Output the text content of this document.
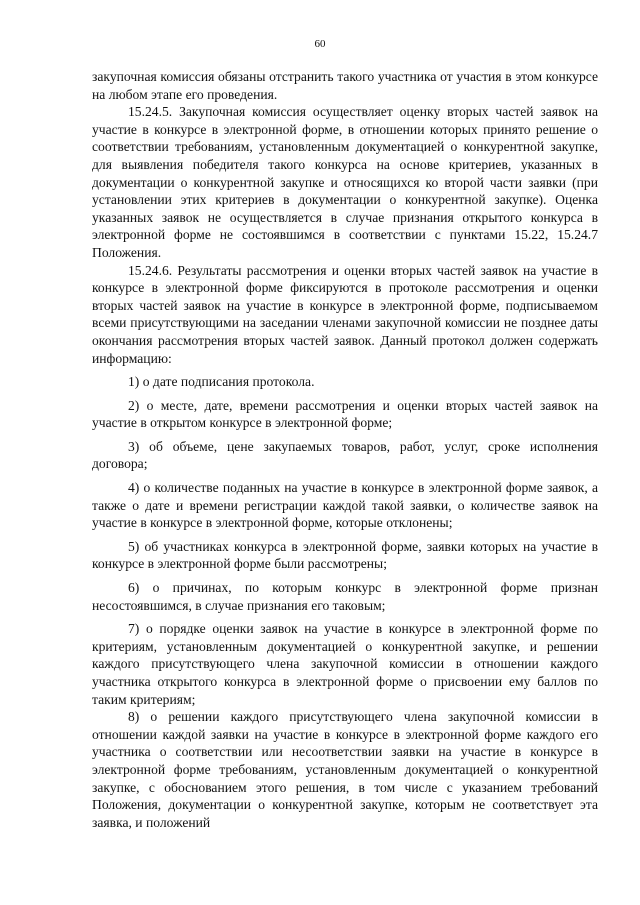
60

закупочная комиссия обязаны отстранить такого участника от участия в этом конкурсе на любом этапе его проведения.

15.24.5. Закупочная комиссия осуществляет оценку вторых частей заявок на участие в конкурсе в электронной форме, в отношении которых принято решение о соответствии требованиям, установленным документацией о конкурентной закупке, для выявления победителя такого конкурса на основе критериев, указанных в документации о конкурентной закупке и относящихся ко второй части заявки (при установлении этих критериев в документации о конкурентной закупке). Оценка указанных заявок не осуществляется в случае признания открытого конкурса в электронной форме не состоявшимся в соответствии с пунктами 15.22, 15.24.7 Положения.

15.24.6. Результаты рассмотрения и оценки вторых частей заявок на участие в конкурсе в электронной форме фиксируются в протоколе рассмотрения и оценки вторых частей заявок на участие в конкурсе в электронной форме, подписываемом всеми присутствующими на заседании членами закупочной комиссии не позднее даты окончания рассмотрения вторых частей заявок. Данный протокол должен содержать информацию:

1) о дате подписания протокола.

2) о месте, дате, времени рассмотрения и оценки вторых частей заявок на участие в открытом конкурсе в электронной форме;

3) об объеме, цене закупаемых товаров, работ, услуг, сроке исполнения договора;

4) о количестве поданных на участие в конкурсе в электронной форме заявок, а также о дате и времени регистрации каждой такой заявки, о количестве заявок на участие в конкурсе в электронной форме, которые отклонены;

5) об участниках конкурса в электронной форме, заявки которых на участие в конкурсе в электронной форме были рассмотрены;

6) о причинах, по которым конкурс в электронной форме признан несостоявшимся, в случае признания его таковым;

7) о порядке оценки заявок на участие в конкурсе в электронной форме по критериям, установленным документацией о конкурентной закупке, и решении каждого присутствующего члена закупочной комиссии в отношении каждого участника открытого конкурса в электронной форме о присвоении ему баллов по таким критериям;

8) о решении каждого присутствующего члена закупочной комиссии в отношении каждой заявки на участие в конкурсе в электронной форме каждого его участника о соответствии или несоответствии заявки на участие в конкурсе в электронной форме требованиям, установленным документацией о конкурентной закупке, с обоснованием этого решения, в том числе с указанием требований Положения, документации о конкурентной закупке, которым не соответствует эта заявка, и положений
